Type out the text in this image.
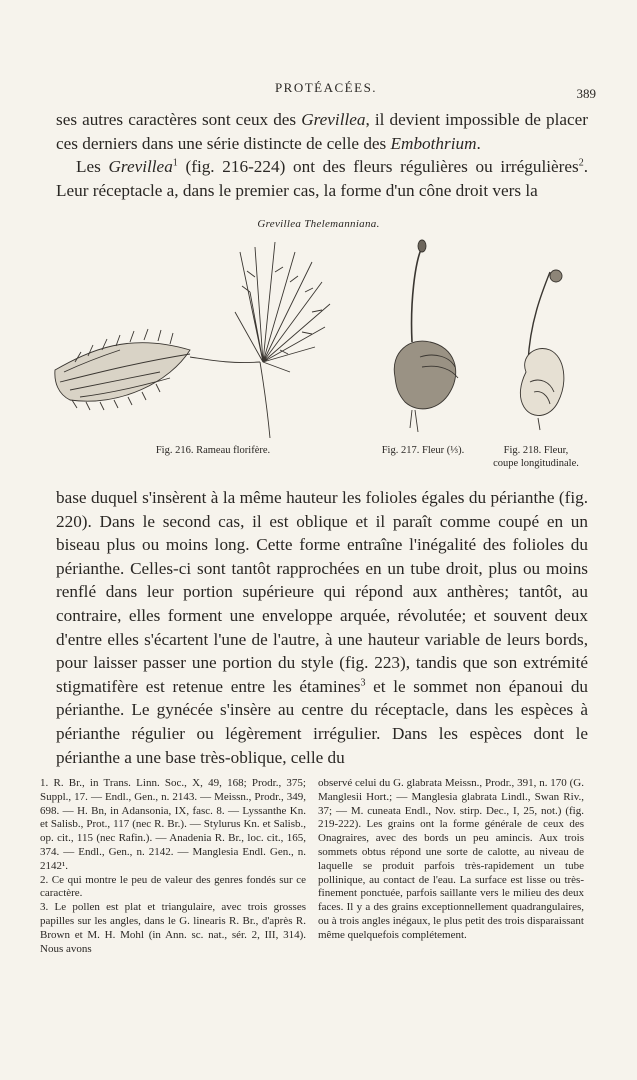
PROTÉACÉES.	389

ses autres caractères sont ceux des Grevillea, il devient impossible de placer ces derniers dans une série distincte de celle des Embothrium.

Les Grevillea$^1$ (fig. 216-224) ont des fleurs régulières ou irrégulières$^2$. Leur réceptacle a, dans le premier cas, la forme d'un cône droit vers la

Grevillea Thelemanniana.
Fig. 216. Rameau florifère.	Fig. 217. Fleur (⅓).	Fig. 218. Fleur,
coupe longitudinale.

base duquel s'insèrent à la même hauteur les folioles égales du périanthe (fig. 220). Dans le second cas, il est oblique et il paraît comme coupé en un biseau plus ou moins long. Cette forme entraîne l'inégalité des folioles du périanthe. Celles-ci sont tantôt rapprochées en un tube droit, plus ou moins renflé dans leur portion supérieure qui répond aux anthères; tantôt, au contraire, elles forment une enveloppe arquée, révolutée; et souvent deux d'entre elles s'écartent l'une de l'autre, à une hauteur variable de leurs bords, pour laisser passer une portion du style (fig. 223), tandis que son extrémité stigmatifère est retenue entre les étamines$^3$ et le sommet non épanoui du périanthe. Le gynécée s'insère au centre du réceptacle, dans les espèces à périanthe régulier ou légèrement irrégulier. Dans les espèces dont le périanthe a une base très-oblique, celle du

1. R. Br., in Trans. Linn. Soc., X, 49, 168; Prodr., 375; Suppl., 17. — Endl., Gen., n. 2143. — Meissn., Prodr., 349, 698. — H. Bn, in Adansonia, IX, fasc. 8. — Lyssanthe Kn. et Salisb., Prot., 117 (nec R. Br.). — Stylurus Kn. et Salisb., op. cit., 115 (nec Rafin.). — Anadenia R. Br., loc. cit., 165, 374. — Endl., Gen., n. 2142. — Manglesia Endl. Gen., n. 2142¹.

2. Ce qui montre le peu de valeur des genres fondés sur ce caractère.

3. Le pollen est plat et triangulaire, avec trois grosses papilles sur les angles, dans le G. linearis R. Br., d'après R. Brown et M. H. Mohl (in Ann. sc. nat., sér. 2, III, 314). Nous avons

observé celui du G. glabrata Meissn., Prodr., 391, n. 170 (G. Manglesii Hort.; — Manglesia glabrata Lindl., Swan Riv., 37; — M. cuneata Endl., Nov. stirp. Dec., I, 25, not.) (fig. 219-222). Les grains ont la forme générale de ceux des Onagraires, avec des bords un peu amincis. Aux trois sommets obtus répond une sorte de calotte, au niveau de laquelle se produit parfois très-rapidement un tube pollinique, au contact de l'eau. La surface est lisse ou très-finement ponctuée, parfois saillante vers le milieu des deux faces. Il y a des grains exceptionnellement quadrangulaires, ou à trois angles inégaux, le plus petit des trois disparaissant même quelquefois complétement.
